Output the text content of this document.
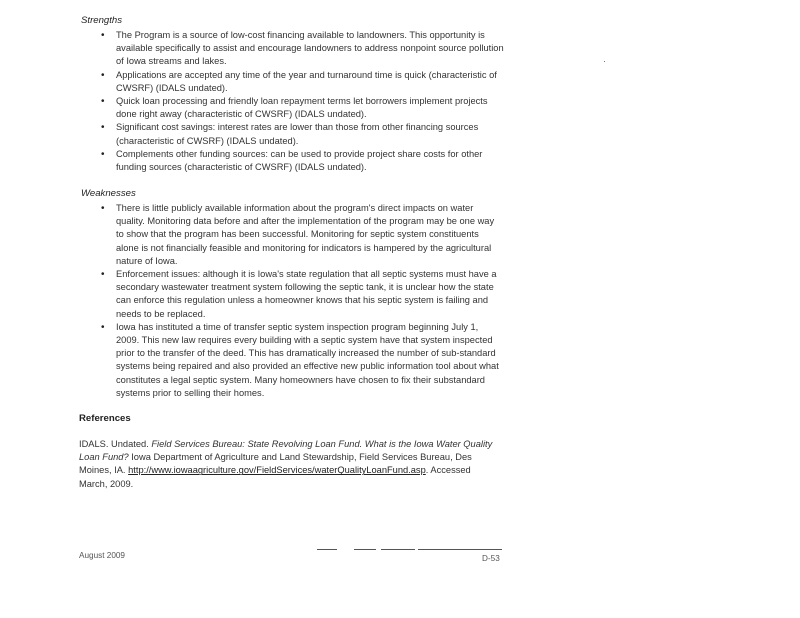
Strengths
• The Program is a source of low-cost financing available to landowners. This opportunity is available specifically to assist and encourage landowners to address nonpoint source pollution of Iowa streams and lakes.
• Applications are accepted any time of the year and turnaround time is quick (characteristic of CWSRF) (IDALS undated).
• Quick loan processing and friendly loan repayment terms let borrowers implement projects done right away (characteristic of CWSRF) (IDALS undated).
• Significant cost savings: interest rates are lower than those from other financing sources (characteristic of CWSRF) (IDALS undated).
• Complements other funding sources: can be used to provide project share costs for other funding sources (characteristic of CWSRF) (IDALS undated).
Weaknesses
• There is little publicly available information about the program's direct impacts on water quality. Monitoring data before and after the implementation of the program may be one way to show that the program has been successful. Monitoring for septic system constituents alone is not financially feasible and monitoring for indicators is hampered by the agricultural nature of Iowa.
• Enforcement issues: although it is Iowa's state regulation that all septic systems must have a secondary wastewater treatment system following the septic tank, it is unclear how the state can enforce this regulation unless a homeowner knows that his septic system is failing and needs to be replaced.
• Iowa has instituted a time of transfer septic system inspection program beginning July 1, 2009. This new law requires every building with a septic system have that system inspected prior to the transfer of the deed. This has dramatically increased the number of sub-standard systems being repaired and also provided an effective new public information tool about what constitutes a legal septic system. Many homeowners have chosen to fix their substandard systems prior to selling their homes.
References
IDALS. Undated. Field Services Bureau: State Revolving Loan Fund. What is the Iowa Water Quality Loan Fund? Iowa Department of Agriculture and Land Stewardship, Field Services Bureau, Des Moines, IA. http://www.iowaagriculture.gov/FieldServices/waterQualityLoanFund.asp. Accessed March, 2009.
August 2009	D-53
